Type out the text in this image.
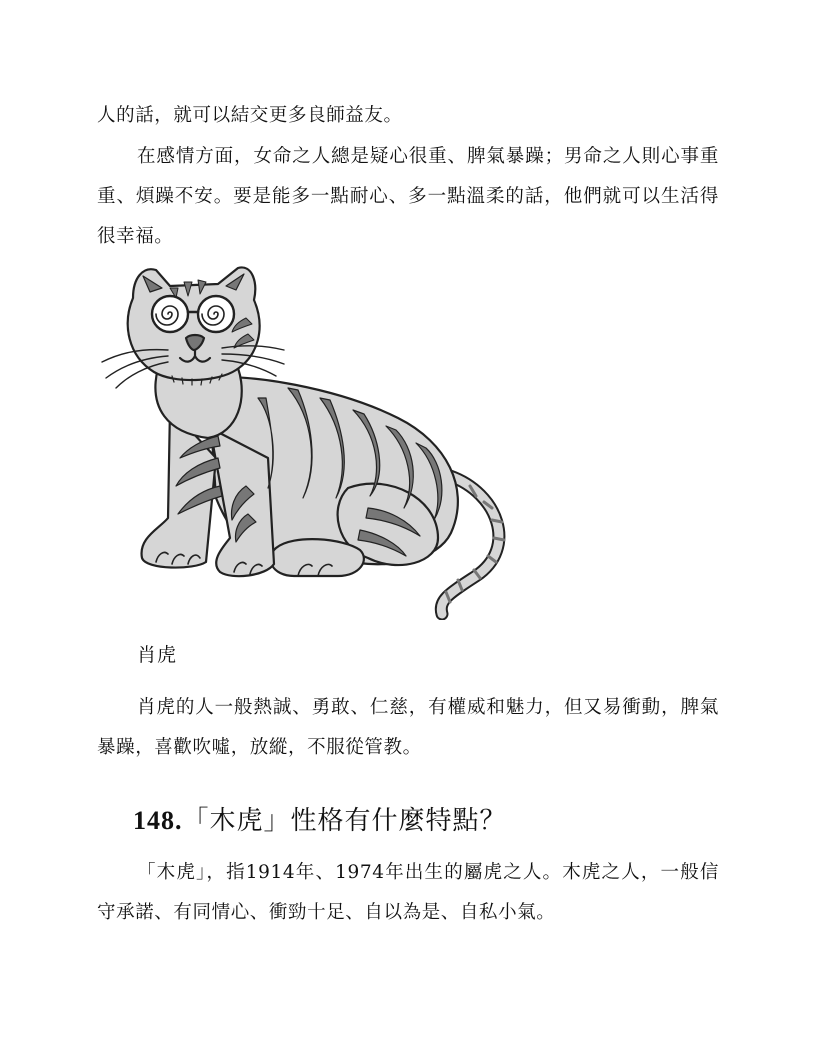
人的話，就可以結交更多良師益友。

在感情方面，女命之人總是疑心很重、脾氣暴躁；男命之人則心事重重、煩躁不安。要是能多一點耐心、多一點溫柔的話，他們就可以生活得很幸福。

肖虎

肖虎的人一般熱誠、勇敢、仁慈，有權威和魅力，但又易衝動，脾氣暴躁，喜歡吹噓，放縱，不服從管教。

148.「木虎」性格有什麼特點？

「木虎」，指1914年、1974年出生的屬虎之人。木虎之人，一般信守承諾、有同情心、衝勁十足、自以為是、自私小氣。
